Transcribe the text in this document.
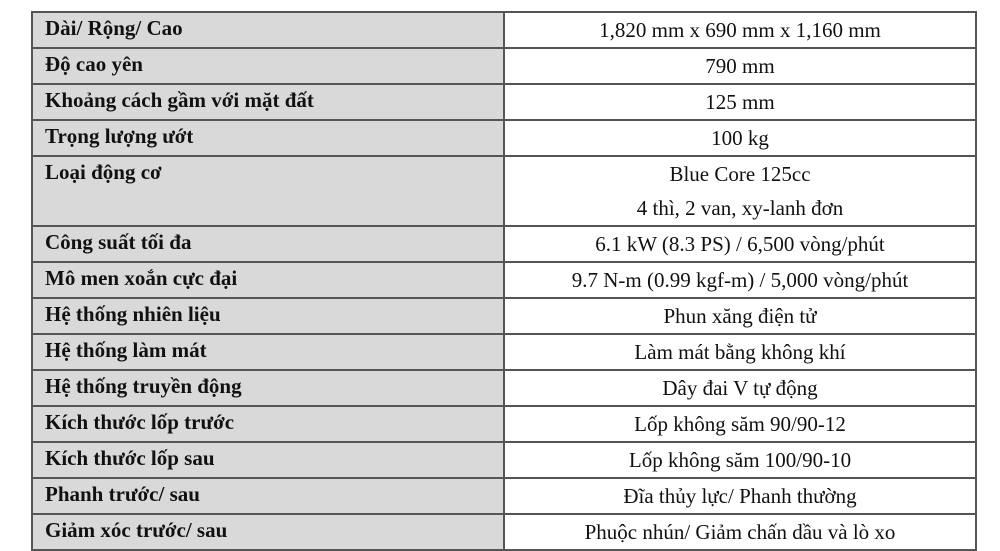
Dài/ Rộng/ Cao	1,820 mm x 690 mm x 1,160 mm

Độ cao yên	790 mm

Khoảng cách gầm với mặt đất	125 mm

Trọng lượng ướt	100 kg

Loại động cơ	Blue Core 125cc
4 thì, 2 van, xy-lanh đơn

Công suất tối đa	6.1 kW (8.3 PS) / 6,500 vòng/phút

Mô men xoắn cực đại	9.7 N-m (0.99 kgf-m) / 5,000 vòng/phút

Hệ thống nhiên liệu	Phun xăng điện tử

Hệ thống làm mát	Làm mát bằng không khí

Hệ thống truyền động	Dây đai V tự động

Kích thước lốp trước	Lốp không săm 90/90-12

Kích thước lốp sau	Lốp không săm 100/90-10

Phanh trước/ sau	Đĩa thủy lực/ Phanh thường

Giảm xóc trước/ sau	Phuộc nhún/ Giảm chấn dầu và lò xo
